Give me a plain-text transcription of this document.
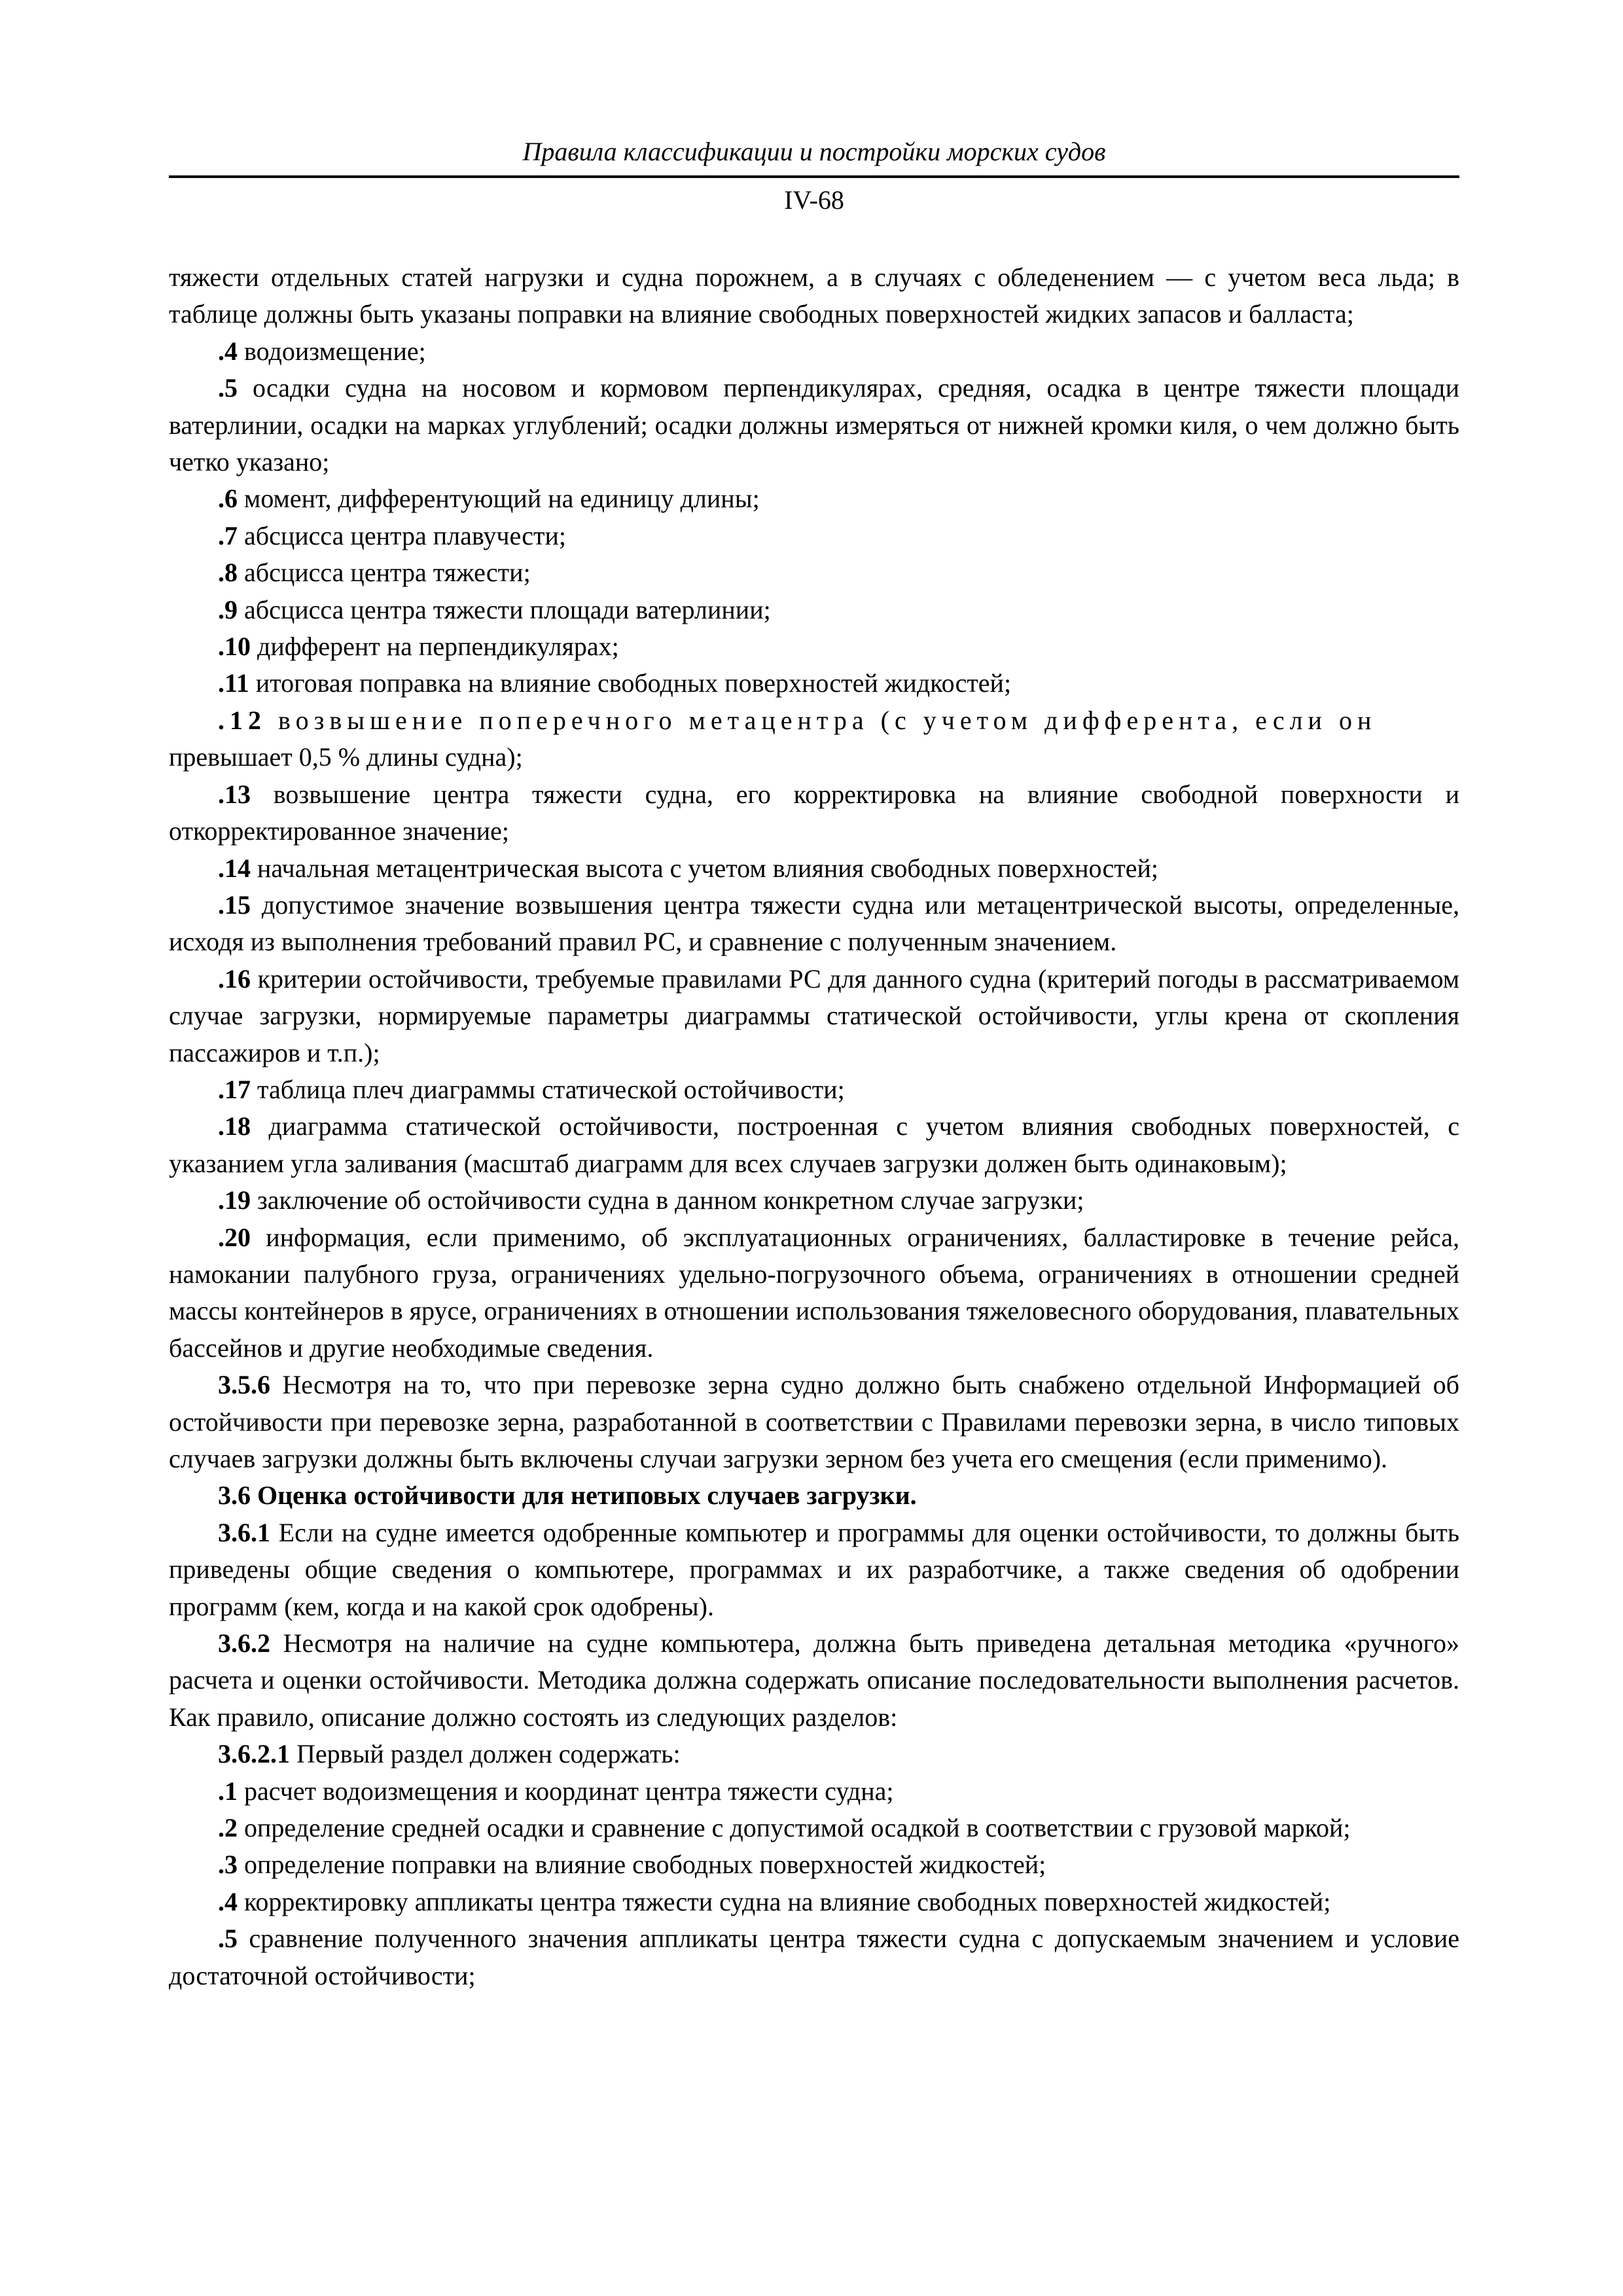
Правила классификации и постройки морских судов
IV-68

тяжести отдельных статей нагрузки и судна порожнем, а в случаях с обледенением — с учетом веса льда; в таблице должны быть указаны поправки на влияние свободных поверхностей жидких запасов и балласта;

.4 водоизмещение;

.5 осадки судна на носовом и кормовом перпендикулярах, средняя, осадка в центре тяжести площади ватерлинии, осадки на марках углублений; осадки должны измеряться от нижней кромки киля, о чем должно быть четко указано;

.6 момент, дифферентующий на единицу длины;

.7 абсцисса центра плавучести;

.8 абсцисса центра тяжести;

.9 абсцисса центра тяжести площади ватерлинии;

.10 дифферент на перпендикулярах;

.11 итоговая поправка на влияние свободных поверхностей жидкостей;

.12 возвышение поперечного метацентра (с учетом дифферента, если он

превышает 0,5 % длины судна);

.13 возвышение центра тяжести судна, его корректировка на влияние свободной поверхности и откорректированное значение;

.14 начальная метацентрическая высота с учетом влияния свободных поверхностей;

.15 допустимое значение возвышения центра тяжести судна или метацентрической высоты, определенные, исходя из выполнения требований правил РС, и сравнение с полученным значением.

.16 критерии остойчивости, требуемые правилами РС для данного судна (критерий погоды в рассматриваемом случае загрузки, нормируемые параметры диаграммы статической остойчивости, углы крена от скопления пассажиров и т.п.);

.17 таблица плеч диаграммы статической остойчивости;

.18 диаграмма статической остойчивости, построенная с учетом влияния свободных поверхностей, с указанием угла заливания (масштаб диаграмм для всех случаев загрузки должен быть одинаковым);

.19 заключение об остойчивости судна в данном конкретном случае загрузки;

.20 информация, если применимо, об эксплуатационных ограничениях, балластировке в течение рейса, намокании палубного груза, ограничениях удельно-погрузочного объема, ограничениях в отношении средней массы контейнеров в ярусе, ограничениях в отношении использования тяжеловесного оборудования, плавательных бассейнов и другие необходимые сведения.

3.5.6 Несмотря на то, что при перевозке зерна судно должно быть снабжено отдельной Информацией об остойчивости при перевозке зерна, разработанной в соответствии с Правилами перевозки зерна, в число типовых случаев загрузки должны быть включены случаи загрузки зерном без учета его смещения (если применимо).

3.6 Оценка остойчивости для нетиповых случаев загрузки.

3.6.1 Если на судне имеется одобренные компьютер и программы для оценки остойчивости, то должны быть приведены общие сведения о компьютере, программах и их разработчике, а также сведения об одобрении программ (кем, когда и на какой срок одобрены).

3.6.2 Несмотря на наличие на судне компьютера, должна быть приведена детальная методика «ручного» расчета и оценки остойчивости. Методика должна содержать описание последовательности выполнения расчетов. Как правило, описание должно состоять из следующих разделов:

3.6.2.1 Первый раздел должен содержать:

.1 расчет водоизмещения и координат центра тяжести судна;

.2 определение средней осадки и сравнение с допустимой осадкой в соответствии с грузовой маркой;

.3 определение поправки на влияние свободных поверхностей жидкостей;

.4 корректировку аппликаты центра тяжести судна на влияние свободных поверхностей жидкостей;

.5 сравнение полученного значения аппликаты центра тяжести судна с допускаемым значением и условие достаточной остойчивости;
